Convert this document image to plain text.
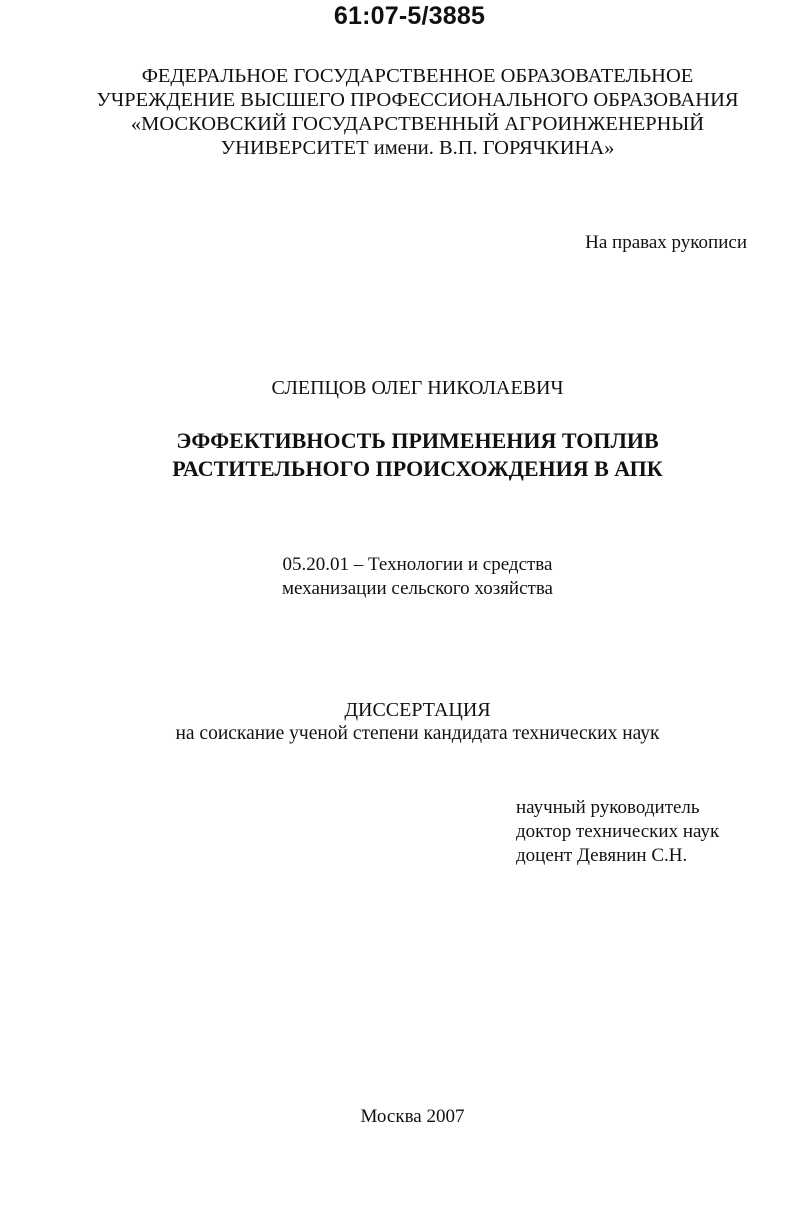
61:07-5/3885
ФЕДЕРАЛЬНОЕ ГОСУДАРСТВЕННОЕ ОБРАЗОВАТЕЛЬНОЕ
УЧРЕЖДЕНИЕ ВЫСШЕГО ПРОФЕССИОНАЛЬНОГО ОБРАЗОВАНИЯ
«МОСКОВСКИЙ ГОСУДАРСТВЕННЫЙ АГРОИНЖЕНЕРНЫЙ
УНИВЕРСИТЕТ имени. В.П. ГОРЯЧКИНА»
На правах рукописи
СЛЕПЦОВ ОЛЕГ НИКОЛАЕВИЧ
ЭФФЕКТИВНОСТЬ ПРИМЕНЕНИЯ ТОПЛИВ
РАСТИТЕЛЬНОГО ПРОИСХОЖДЕНИЯ В АПК
05.20.01 – Технологии и средства
механизации сельского хозяйства
ДИССЕРТАЦИЯ
на соискание ученой степени кандидата технических наук
научный руководитель
доктор технических наук
доцент Девянин С.Н.
Москва 2007
